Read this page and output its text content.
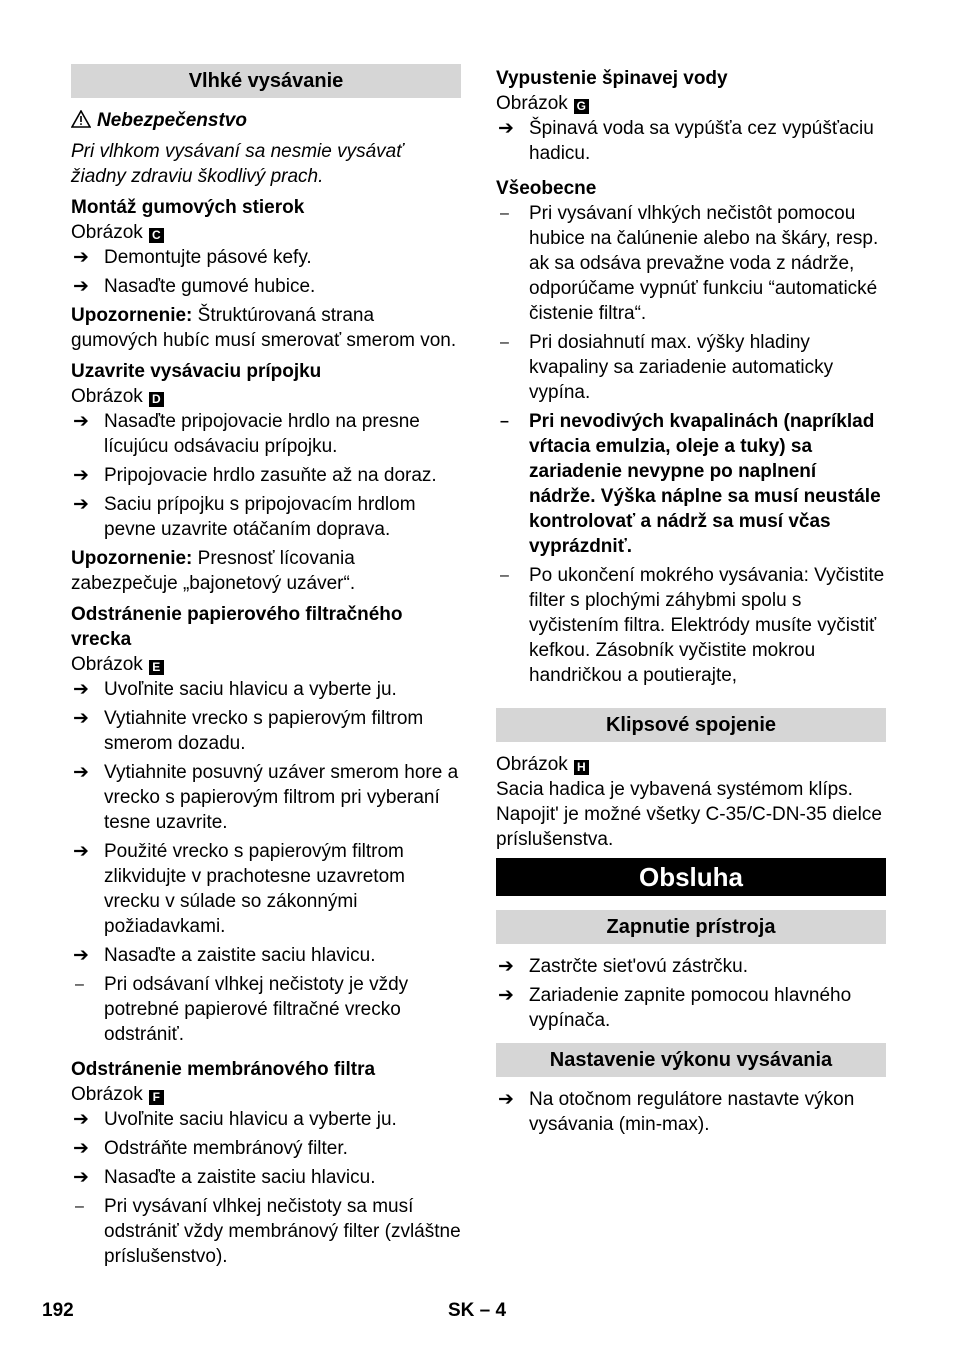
Vlhké vysávanie
Nebezpečenstvo
Pri vlhkom vysávaní sa nesmie vysávať žiadny zdraviu škodlivý prach.
Montáž gumových stierok
Obrázok C
➔ Demontujte pásové kefy.
➔ Nasaďte gumové hubice.
Upozornenie: Štruktúrovaná strana gumových hubíc musí smerovať smerom von.
Uzavrite vysávaciu prípojku
Obrázok D
➔ Nasaďte pripojovacie hrdlo na presne lícujúcu odsávaciu prípojku.
➔ Pripojovacie hrdlo zasuňte až na doraz.
➔ Saciu prípojku s pripojovacím hrdlom pevne uzavrite otáčaním doprava.
Upozornenie: Presnosť lícovania zabezpečuje „bajonetový uzáver“.
Odstránenie papierového filtračného vrecka
Obrázok E
➔ Uvoľnite saciu hlavicu a vyberte ju.
➔ Vytiahnite vrecko s papierovým filtrom smerom dozadu.
➔ Vytiahnite posuvný uzáver smerom hore a vrecko s papierovým filtrom pri vyberaní tesne uzavrite.
➔ Použité vrecko s papierovým filtrom zlikvidujte v prachotesne uzavretom vrecku v súlade so zákonnými požiadavkami.
➔ Nasaďte a zaistite saciu hlavicu.
– Pri odsávaní vlhkej nečistoty je vždy potrebné papierové filtračné vrecko odstrániť.
Odstránenie membránového filtra
Obrázok F
➔ Uvoľnite saciu hlavicu a vyberte ju.
➔ Odstráňte membránový filter.
➔ Nasaďte a zaistite saciu hlavicu.
– Pri vysávaní vlhkej nečistoty sa musí odstrániť vždy membránový filter (zvláštne príslušenstvo).
Vypustenie špinavej vody
Obrázok G
➔ Špinavá voda sa vypúšťa cez vypúšťaciu hadicu.
Všeobecne
– Pri vysávaní vlhkých nečistôt pomocou hubice na čalúnenie alebo na škáry, resp. ak sa odsáva prevažne voda z nádrže, odporúčame vypnúť funkciu “automatické čistenie filtra“.
– Pri dosiahnutí max. výšky hladiny kvapaliny sa zariadenie automaticky vypína.
– Pri nevodivých kvapalinách (napríklad vŕtacia emulzia, oleje a tuky) sa zariadenie nevypne po naplnení nádrže. Výška náplne sa musí neustále kontrolovať a nádrž sa musí včas vyprázdniť.
– Po ukončení mokrého vysávania: Vyčistite filter s plochými záhybmi spolu s vyčistením filtra. Elektródy musíte vyčistiť kefkou. Zásobník vyčistite mokrou handričkou a poutierajte,
Klipsové spojenie
Obrázok H
Sacia hadica je vybavená systémom klíps. Napojit' je možné všetky C-35/C-DN-35 dielce príslušenstva.
Obsluha
Zapnutie prístroja
➔ Zastrčte siet'ovú zástrčku.
➔ Zariadenie zapnite pomocou hlavného vypínača.
Nastavenie výkonu vysávania
➔ Na otočnom regulátore nastavte výkon vysávania (min-max).
192	SK – 4
